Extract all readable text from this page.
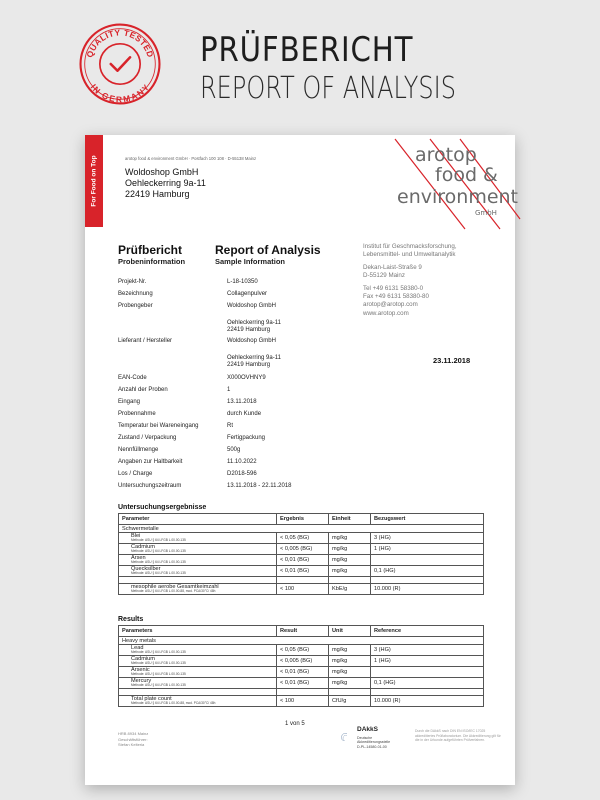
QUALITY TESTED
IN GERMANY
PRÜFBERICHT
REPORT OF ANALYSIS
For Food on Top	arotop food & environment GmbH · Postfach 100 108 · D-55138 Mainz
Woldoshop GmbH
Oehleckerring 9a-11
22419 Hamburg
arotop
food &
environment
GmbH
Prüfbericht	Report of Analysis
Probeninformation	Sample Information
Institut für Geschmacksforschung,
Lebensmittel- und Umweltanalytik
Dekan-Laist-Straße 9
D-55129 Mainz
Tel +49 6131 58380-0
Fax +49 6131 58380-80
arotop@arotop.com
www.arotop.com
23.11.2018
Projekt-Nr.	L-18-10350
Bezeichnung	Collagenpulver
Probengeber	Woldoshop GmbH
Oehleckerring 9a-11
22419 Hamburg
Lieferant / Hersteller	Woldoshop GmbH
Oehleckerring 9a-11
22419 Hamburg
EAN-Code	X000OVHNY9
Anzahl der Proben	1
Eingang	13.11.2018
Probennahme	durch Kunde
Temperatur bei Wareneingang	Rt
Zustand / Verpackung	Fertigpackung
Nennfüllmenge	500g
Angaben zur Haltbarkeit	11.10.2022
Los / Charge	D2018-596
Untersuchungszeitraum	13.11.2018 - 22.11.2018
Untersuchungsergebnisse
Parameter	Ergebnis	Einheit	Bezugswert
Schwermetalle			
Blei
Methode: ASU § 64 LFGB L.00.00-135	< 0,05 (BG)	mg/kg	3 (HG)
Cadmium
Methode: ASU § 64 LFGB L.00.00-135	< 0,005 (BG)	mg/kg	1 (HG)
Arsen
Methode: ASU § 64 LFGB L.00.00-135	< 0,01 (BG)	mg/kg	
Quecksilber
Methode: ASU § 64 LFGB L.00.00-135	< 0,01 (BG)	mg/kg	0,1 (HG)

mesophile aerobe Gesamtkeimzahl
Methode: ASU § 64 LFGB L.00.00-88, mod. PCA/30°C/ 48h	< 100	KbE/g	10.000 (R)
Results
Parameters	Result	Unit	Reference
Heavy metals			
Lead
Methode: ASU § 64 LFGB L.00.00-135	< 0,05 (BG)	mg/kg	3 (HG)
Cadmium
Methode: ASU § 64 LFGB L.00.00-135	< 0,005 (BG)	mg/kg	1 (HG)
Arsenic
Methode: ASU § 64 LFGB L.00.00-135	< 0,01 (BG)	mg/kg	
Mercury
Methode: ASU § 64 LFGB L.00.00-135	< 0,01 (BG)	mg/kg	0,1 (HG)

Total plate count
Methode: ASU § 64 LFGB L.00.00-88, mod. PCA/30°C/ 48h	< 100	CfU/g	10.000 (R)
1 von 5
HRB 8934 Mainz
Geschäftsführer:
Stefan Kelteria
DAkkS
Deutsche
Akkreditierungsstelle
D-PL-14580-01-00
Durch die DAkkS nach DIN EN ISO/IEC 17025 akkreditiertes Prüflaboratorium. Die Akkreditierung gilt für die in der Urkunde aufgeführten Prüfverfahren.
